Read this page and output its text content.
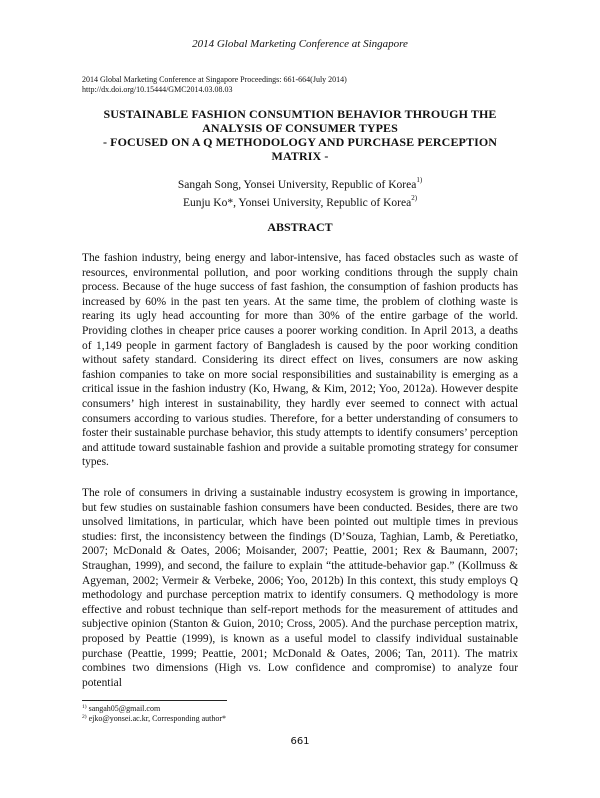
2014 Global Marketing Conference at Singapore
2014 Global Marketing Conference at Singapore Proceedings: 661-664(July 2014)
http://dx.doi.org/10.15444/GMC2014.03.08.03
SUSTAINABLE FASHION CONSUMTION BEHAVIOR THROUGH THE
ANALYSIS OF CONSUMER TYPES
- FOCUSED ON A Q METHODOLOGY AND PURCHASE PERCEPTION
MATRIX -
Sangah Song, Yonsei University, Republic of Korea$^{1)}$
Eunju Ko*, Yonsei University, Republic of Korea$^{2)}$
ABSTRACT

The fashion industry, being energy and labor-intensive, has faced obstacles such as waste of resources, environmental pollution, and poor working conditions through the supply chain process. Because of the huge success of fast fashion, the consumption of fashion products has increased by 60% in the past ten years. At the same time, the problem of clothing waste is rearing its ugly head accounting for more than 30% of the entire garbage of the world. Providing clothes in cheaper price causes a poorer working condition. In April 2013, a deaths of 1,149 people in garment factory of Bangladesh is caused by the poor working condition without safety standard. Considering its direct effect on lives, consumers are now asking fashion companies to take on more social responsibilities and sustainability is emerging as a critical issue in the fashion industry (Ko, Hwang, & Kim, 2012; Yoo, 2012a). However despite consumers’ high interest in sustainability, they hardly ever seemed to connect with actual consumers according to various studies. Therefore, for a better understanding of consumers to foster their sustainable purchase behavior, this study attempts to identify consumers’ perception and attitude toward sustainable fashion and provide a suitable promoting strategy for consumer types.

The role of consumers in driving a sustainable industry ecosystem is growing in importance, but few studies on sustainable fashion consumers have been conducted. Besides, there are two unsolved limitations, in particular, which have been pointed out multiple times in previous studies: first, the inconsistency between the findings (D’Souza, Taghian, Lamb, & Peretiatko, 2007; McDonald & Oates, 2006; Moisander, 2007; Peattie, 2001; Rex & Baumann, 2007; Straughan, 1999), and second, the failure to explain “the attitude-behavior gap.” (Kollmuss & Agyeman, 2002; Vermeir & Verbeke, 2006; Yoo, 2012b) In this context, this study employs Q methodology and purchase perception matrix to identify consumers. Q methodology is more effective and robust technique than self-report methods for the measurement of attitudes and subjective opinion (Stanton & Guion, 2010; Cross, 2005). And the purchase perception matrix, proposed by Peattie (1999), is known as a useful model to classify individual sustainable purchase (Peattie, 1999; Peattie, 2001; McDonald & Oates, 2006; Tan, 2011). The matrix combines two dimensions (High vs. Low confidence and compromise) to analyze four potential

$^{1)}$ sangah05@gmail.com
$^{2)}$ ejko@yonsei.ac.kr, Corresponding author*
661
